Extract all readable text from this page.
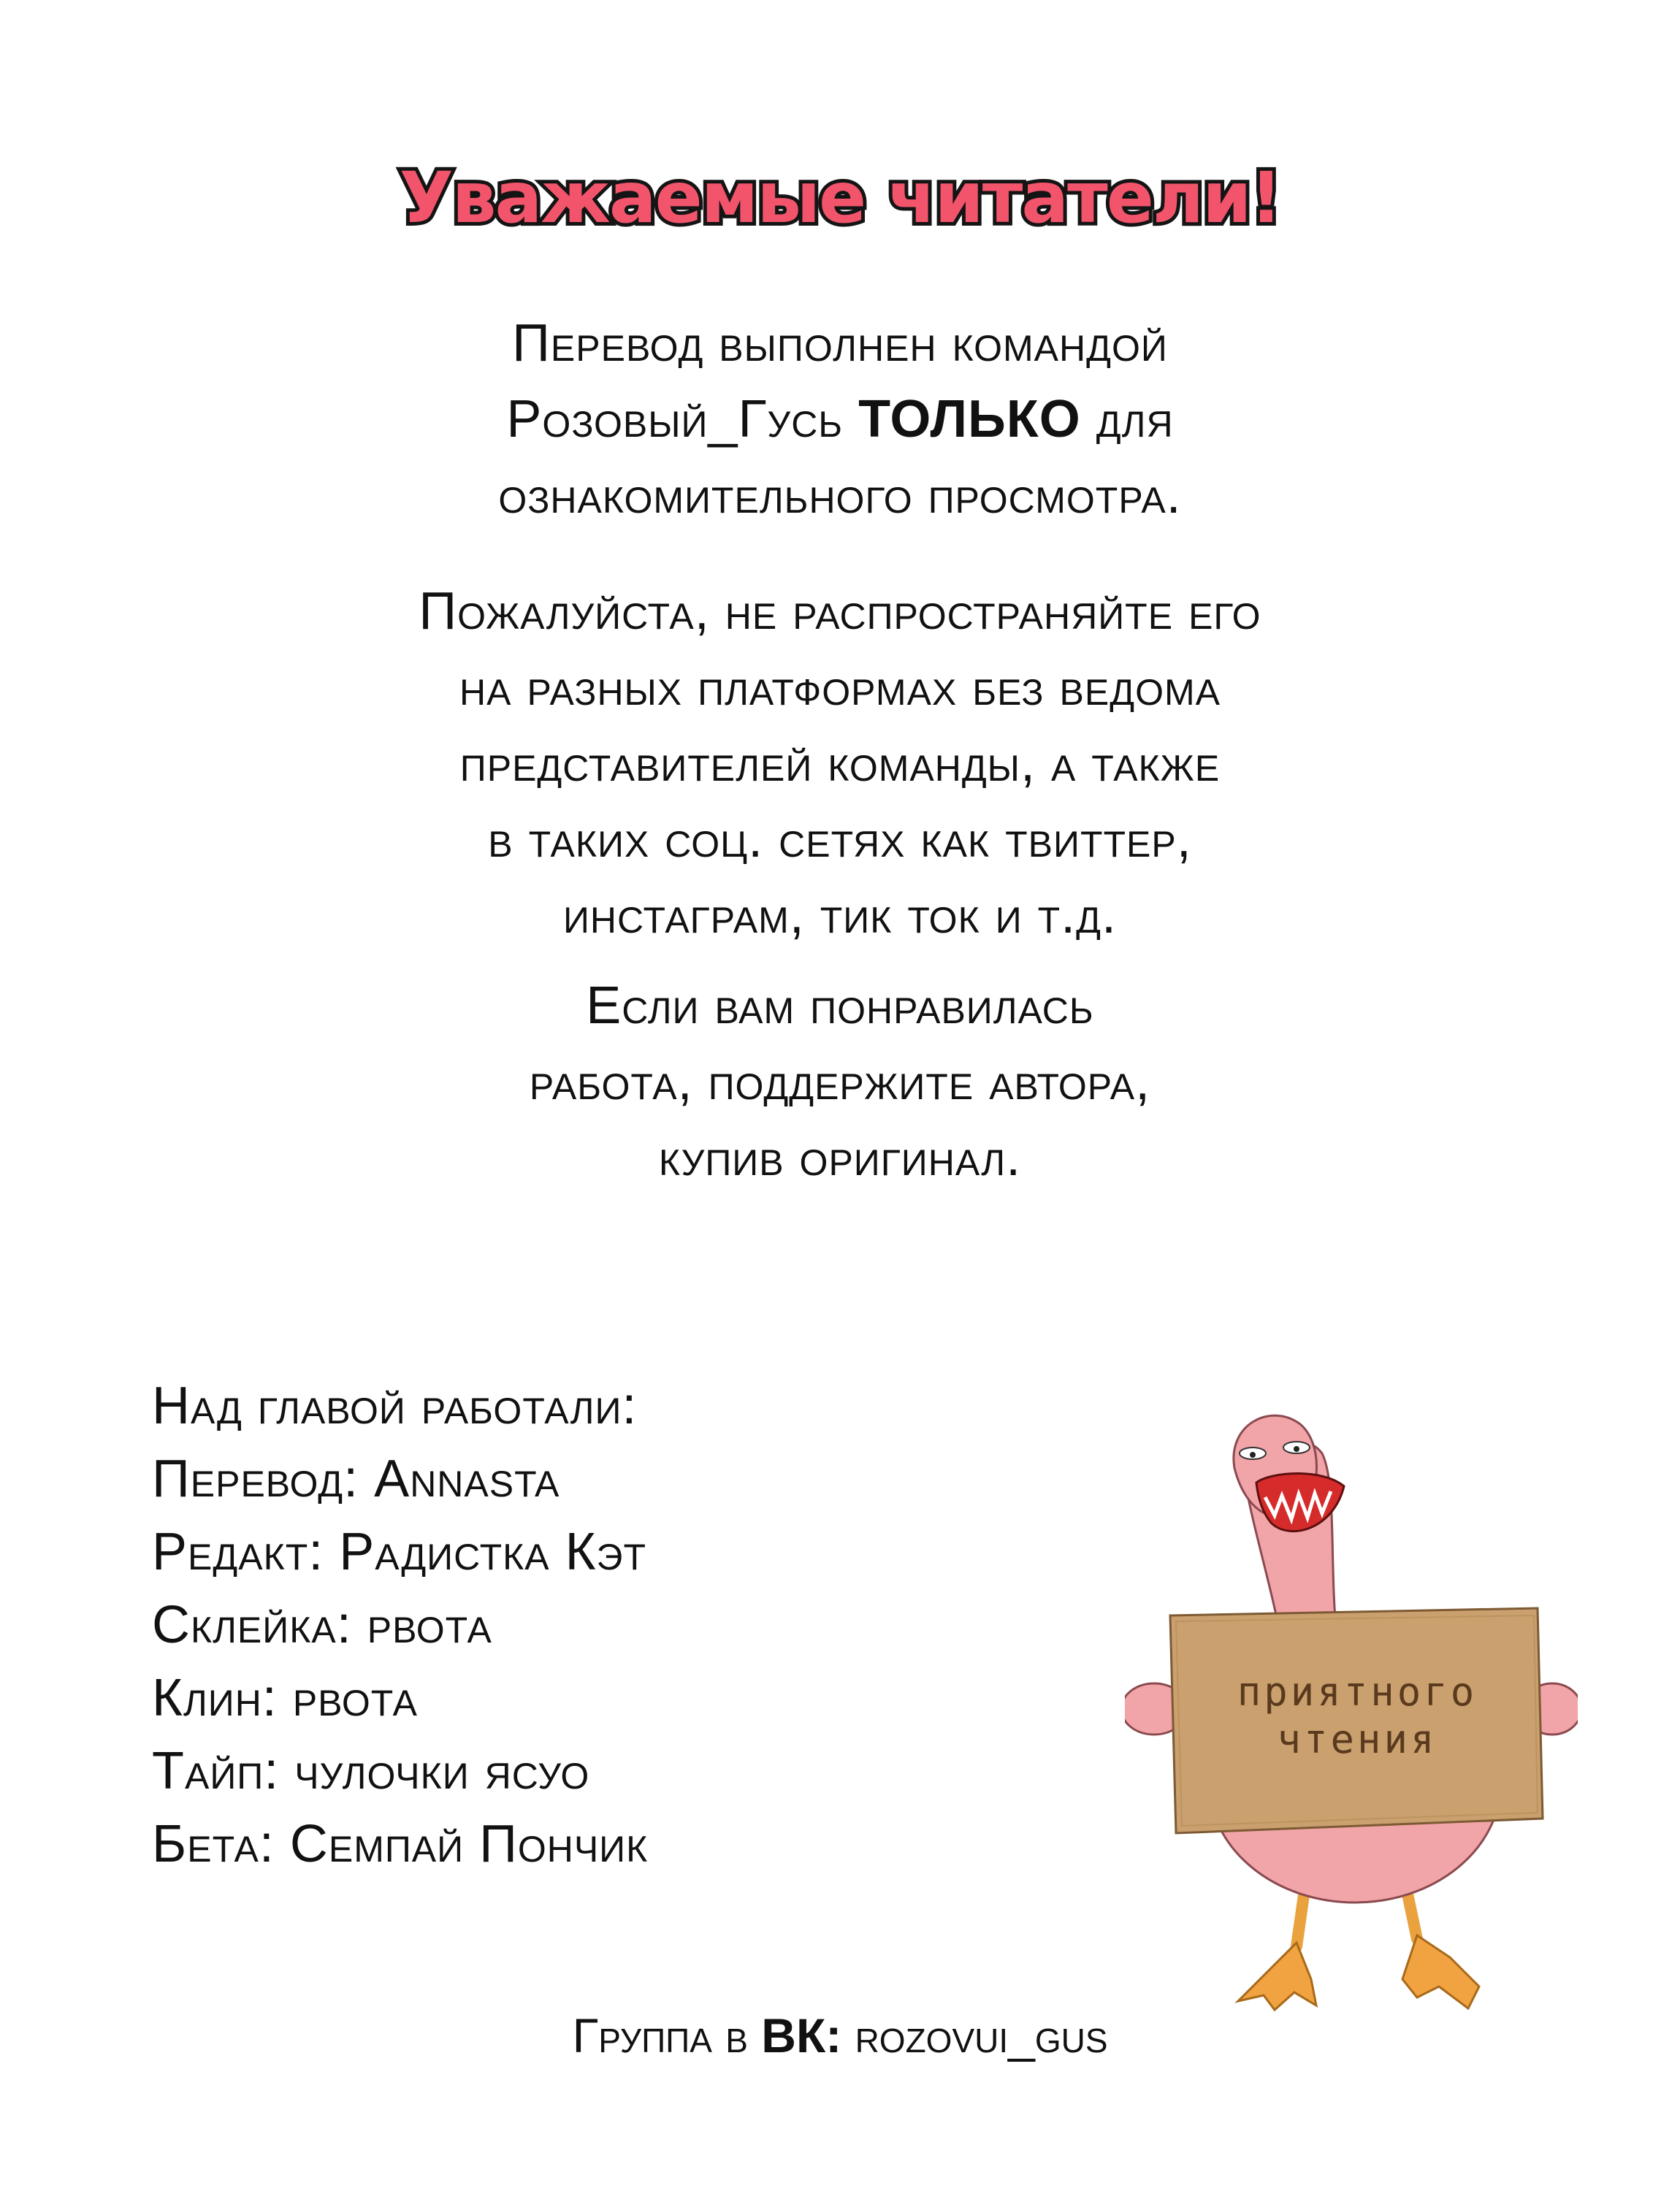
Уважаемые читатели!
Перевод выполнен командой
Розовый_Гусь ТОЛЬКО для
ознакомительного просмотра.
Пожалуйста, не распространяйте его
на разных платформах без ведома
представителей команды, а также
в таких соц. сетях как твиттер,
инстаграм, тик ток и т.д.
Если вам понравилась
работа, поддержите автора,
купив оригинал.
Над главой работали:
Перевод: Annasta
Редакт: Радистка Кэт
Склейка: рвота
Клин: рвота
Тайп: чулочки ясуо
Бета: Семпай Пончик
приятного
чтения
Группа в ВК: rozovui_gus
